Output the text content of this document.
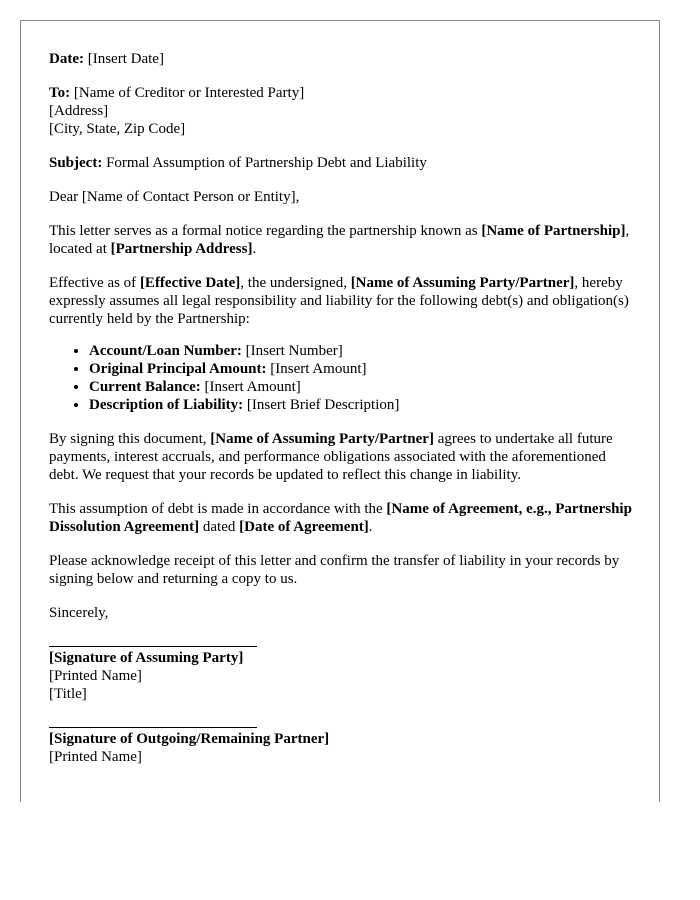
Date: [Insert Date]

To: [Name of Creditor or Interested Party]
[Address]
[City, State, Zip Code]

Subject: Formal Assumption of Partnership Debt and Liability

Dear [Name of Contact Person or Entity],

This letter serves as a formal notice regarding the partnership known as [Name of Partnership], located at [Partnership Address].

Effective as of [Effective Date], the undersigned, [Name of Assuming Party/Partner], hereby expressly assumes all legal responsibility and liability for the following debt(s) and obligation(s) currently held by the Partnership:

• Account/Loan Number: [Insert Number]
• Original Principal Amount: [Insert Amount]
• Current Balance: [Insert Amount]
• Description of Liability: [Insert Brief Description]

By signing this document, [Name of Assuming Party/Partner] agrees to undertake all future payments, interest accruals, and performance obligations associated with the aforementioned debt. We request that your records be updated to reflect this change in liability.

This assumption of debt is made in accordance with the [Name of Agreement, e.g., Partnership Dissolution Agreement] dated [Date of Agreement].

Please acknowledge receipt of this letter and confirm the transfer of liability in your records by signing below and returning a copy to us.

Sincerely,

[Signature of Assuming Party]
[Printed Name]
[Title]
[Signature of Outgoing/Remaining Partner]
[Printed Name]
